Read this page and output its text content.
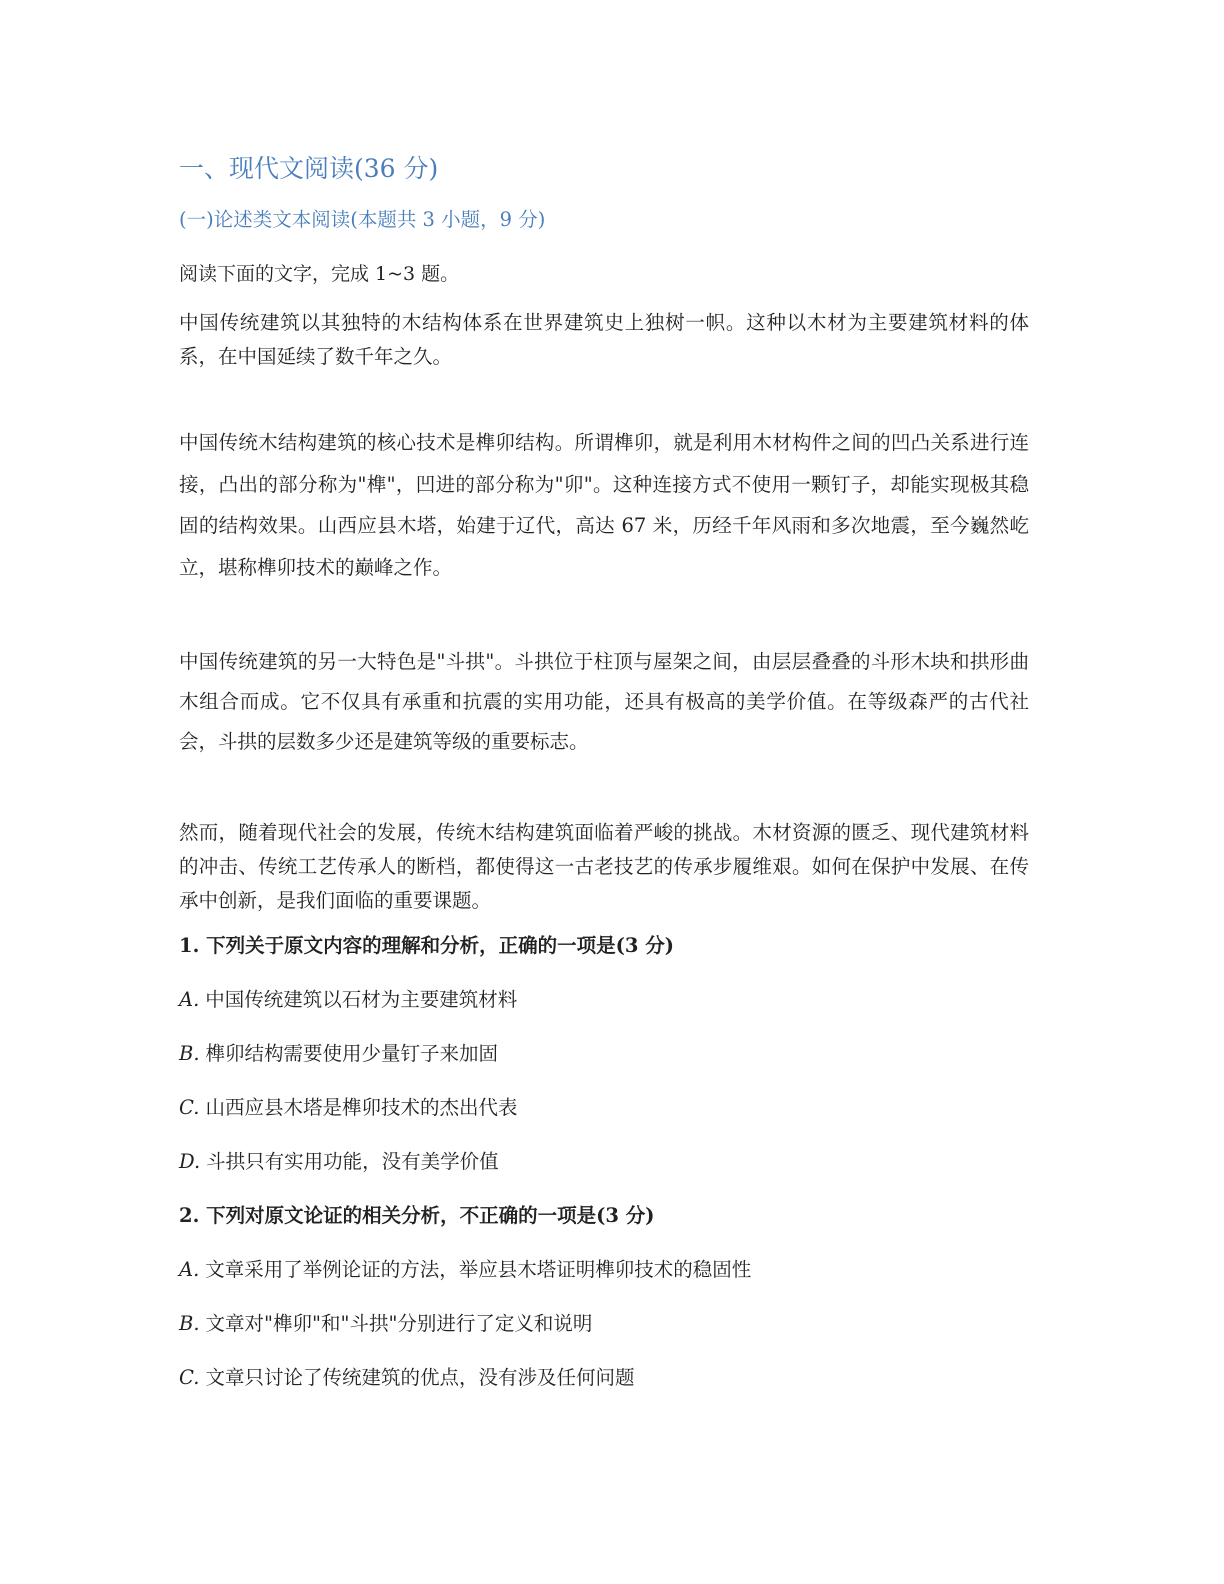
一、现代文阅读(36 分)
(一)论述类文本阅读(本题共 3 小题，9 分)

阅读下面的文字，完成 1~3 题。

中国传统建筑以其独特的木结构体系在世界建筑史上独树一帜。这种以木材为主要建筑材料的体系，在中国延续了数千年之久。

中国传统木结构建筑的核心技术是榫卯结构。所谓榫卯，就是利用木材构件之间的凹凸关系进行连接，凸出的部分称为"榫"，凹进的部分称为"卯"。这种连接方式不使用一颗钉子，却能实现极其稳固的结构效果。山西应县木塔，始建于辽代，高达 67 米，历经千年风雨和多次地震，至今巍然屹立，堪称榫卯技术的巅峰之作。

中国传统建筑的另一大特色是"斗拱"。斗拱位于柱顶与屋架之间，由层层叠叠的斗形木块和拱形曲木组合而成。它不仅具有承重和抗震的实用功能，还具有极高的美学价值。在等级森严的古代社会，斗拱的层数多少还是建筑等级的重要标志。

然而，随着现代社会的发展，传统木结构建筑面临着严峻的挑战。木材资源的匮乏、现代建筑材料的冲击、传统工艺传承人的断档，都使得这一古老技艺的传承步履维艰。如何在保护中发展、在传承中创新，是我们面临的重要课题。

1. 下列关于原文内容的理解和分析，正确的一项是(3 分)

A. 中国传统建筑以石材为主要建筑材料

B. 榫卯结构需要使用少量钉子来加固

C. 山西应县木塔是榫卯技术的杰出代表

D. 斗拱只有实用功能，没有美学价值

2. 下列对原文论证的相关分析，不正确的一项是(3 分)

A. 文章采用了举例论证的方法，举应县木塔证明榫卯技术的稳固性

B. 文章对"榫卯"和"斗拱"分别进行了定义和说明

C. 文章只讨论了传统建筑的优点，没有涉及任何问题
